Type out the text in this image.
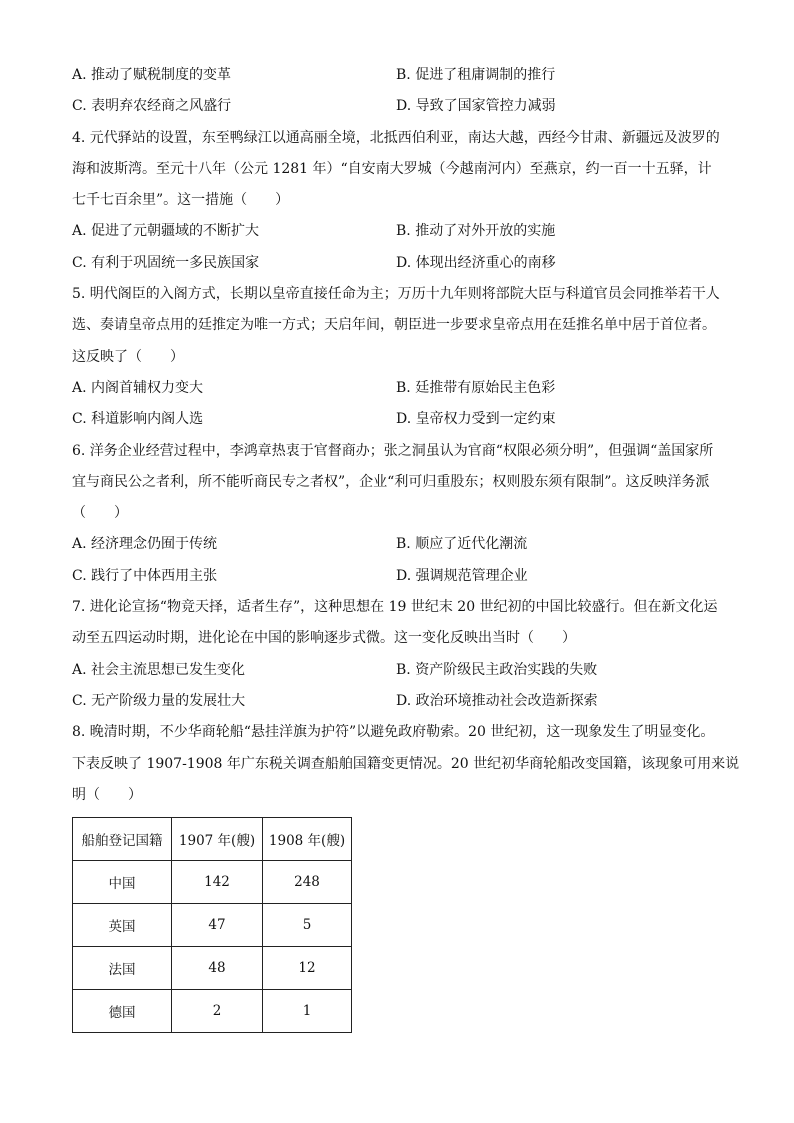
A. 推动了赋税制度的变革	B. 促进了租庸调制的推行
C. 表明弃农经商之风盛行	D. 导致了国家管控力减弱
4. 元代驿站的设置，东至鸭绿江以通高丽全境，北抵西伯利亚，南达大越，西经今甘肃、新疆远及波罗的
海和波斯湾。至元十八年（公元 1281 年）“自安南大罗城（今越南河内）至燕京，约一百一十五驿，计
七千七百余里”。这一措施（　　）
A. 促进了元朝疆域的不断扩大	B. 推动了对外开放的实施
C. 有利于巩固统一多民族国家	D. 体现出经济重心的南移
5. 明代阁臣的入阁方式，长期以皇帝直接任命为主；万历十九年则将部院大臣与科道官员会同推举若干人
选、奏请皇帝点用的廷推定为唯一方式；天启年间，朝臣进一步要求皇帝点用在廷推名单中居于首位者。
这反映了（　　）
A. 内阁首辅权力变大	B. 廷推带有原始民主色彩
C. 科道影响内阁人选	D. 皇帝权力受到一定约束
6. 洋务企业经营过程中，李鸿章热衷于官督商办；张之洞虽认为官商“权限必须分明”，但强调“盖国家所
宜与商民公之者利，所不能听商民专之者权”，企业“利可归重股东；权则股东须有限制”。这反映洋务派
（　　）
A. 经济理念仍囿于传统	B. 顺应了近代化潮流
C. 践行了中体西用主张	D. 强调规范管理企业
7. 进化论宣扬“物竞天择，适者生存”，这种思想在 19 世纪末 20 世纪初的中国比较盛行。但在新文化运
动至五四运动时期，进化论在中国的影响逐步式微。这一变化反映出当时（　　）
A. 社会主流思想已发生变化	B. 资产阶级民主政治实践的失败
C. 无产阶级力量的发展壮大	D. 政治环境推动社会改造新探索
8. 晚清时期，不少华商轮船“悬挂洋旗为护符”以避免政府勒索。20 世纪初，这一现象发生了明显变化。
下表反映了 1907-1908 年广东税关调查船舶国籍变更情况。20 世纪初华商轮船改变国籍，该现象可用来说
明（　　）
船舶登记国籍	1907 年(艘)	1908 年(艘)
中国	142	248
英国	47	5
法国	48	12
德国	2	1
